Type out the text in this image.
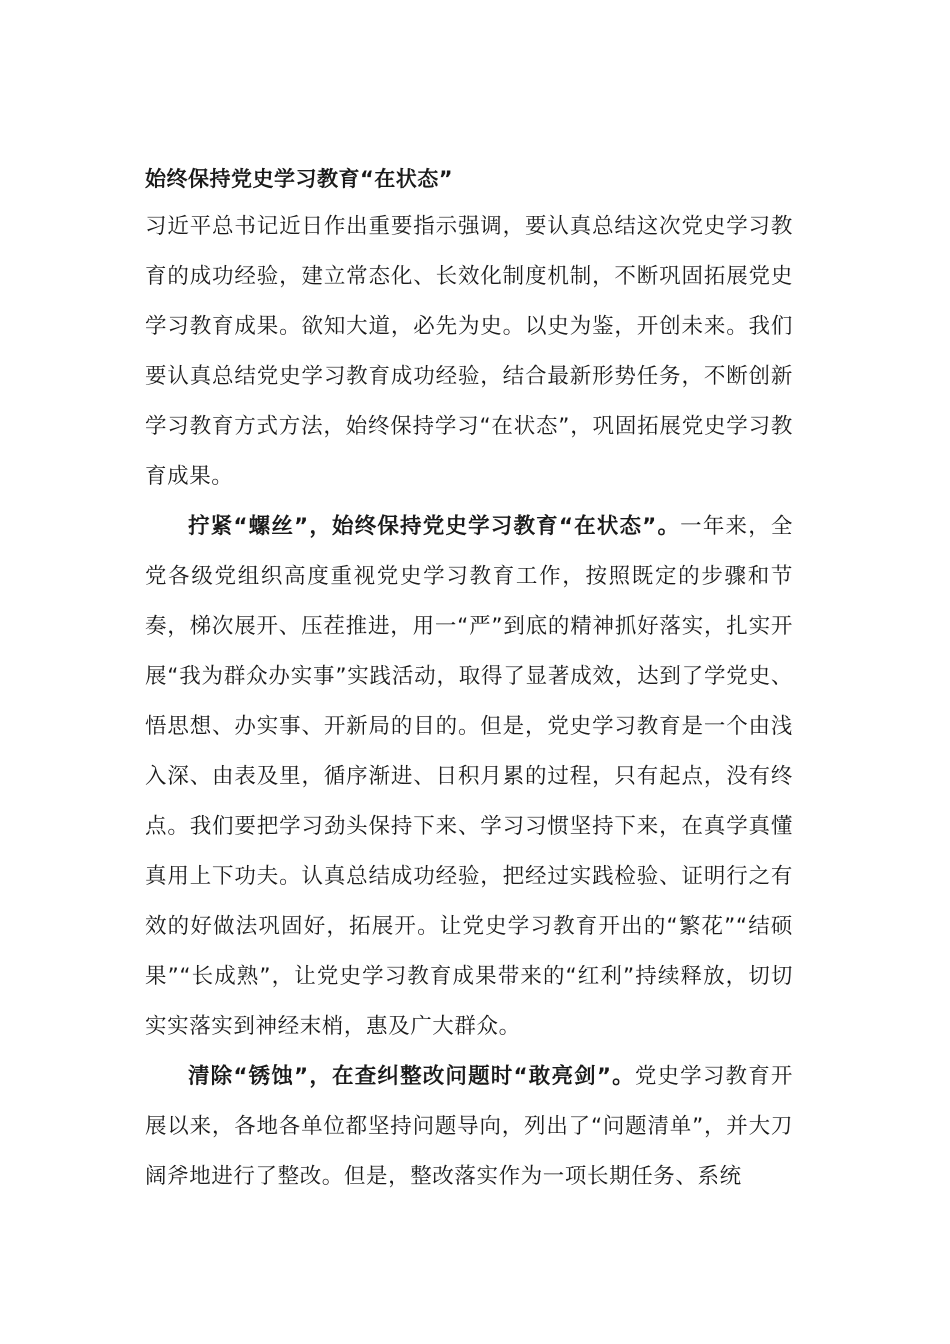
始终保持党史学习教育“在状态”

习近平总书记近日作出重要指示强调，要认真总结这次党史学习教育的成功经验，建立常态化、长效化制度机制，不断巩固拓展党史学习教育成果。欲知大道，必先为史。以史为鉴，开创未来。我们要认真总结党史学习教育成功经验，结合最新形势任务，不断创新学习教育方式方法，始终保持学习“在状态”，巩固拓展党史学习教育成果。

拧紧“螺丝”，始终保持党史学习教育“在状态”。一年来，全党各级党组织高度重视党史学习教育工作，按照既定的步骤和节奏，梯次展开、压茬推进，用一“严”到底的精神抓好落实，扎实开展“我为群众办实事”实践活动，取得了显著成效，达到了学党史、悟思想、办实事、开新局的目的。但是，党史学习教育是一个由浅入深、由表及里，循序渐进、日积月累的过程，只有起点，没有终点。我们要把学习劲头保持下来、学习习惯坚持下来，在真学真懂真用上下功夫。认真总结成功经验，把经过实践检验、证明行之有效的好做法巩固好，拓展开。让党史学习教育开出的“繁花”“结硕果”“长成熟”，让党史学习教育成果带来的“红利”持续释放，切切实实落实到神经末梢，惠及广大群众。

清除“锈蚀”，在查纠整改问题时“敢亮剑”。党史学习教育开展以来，各地各单位都坚持问题导向，列出了“问题清单”，并大刀阔斧地进行了整改。但是，整改落实作为一项长期任务、系统
